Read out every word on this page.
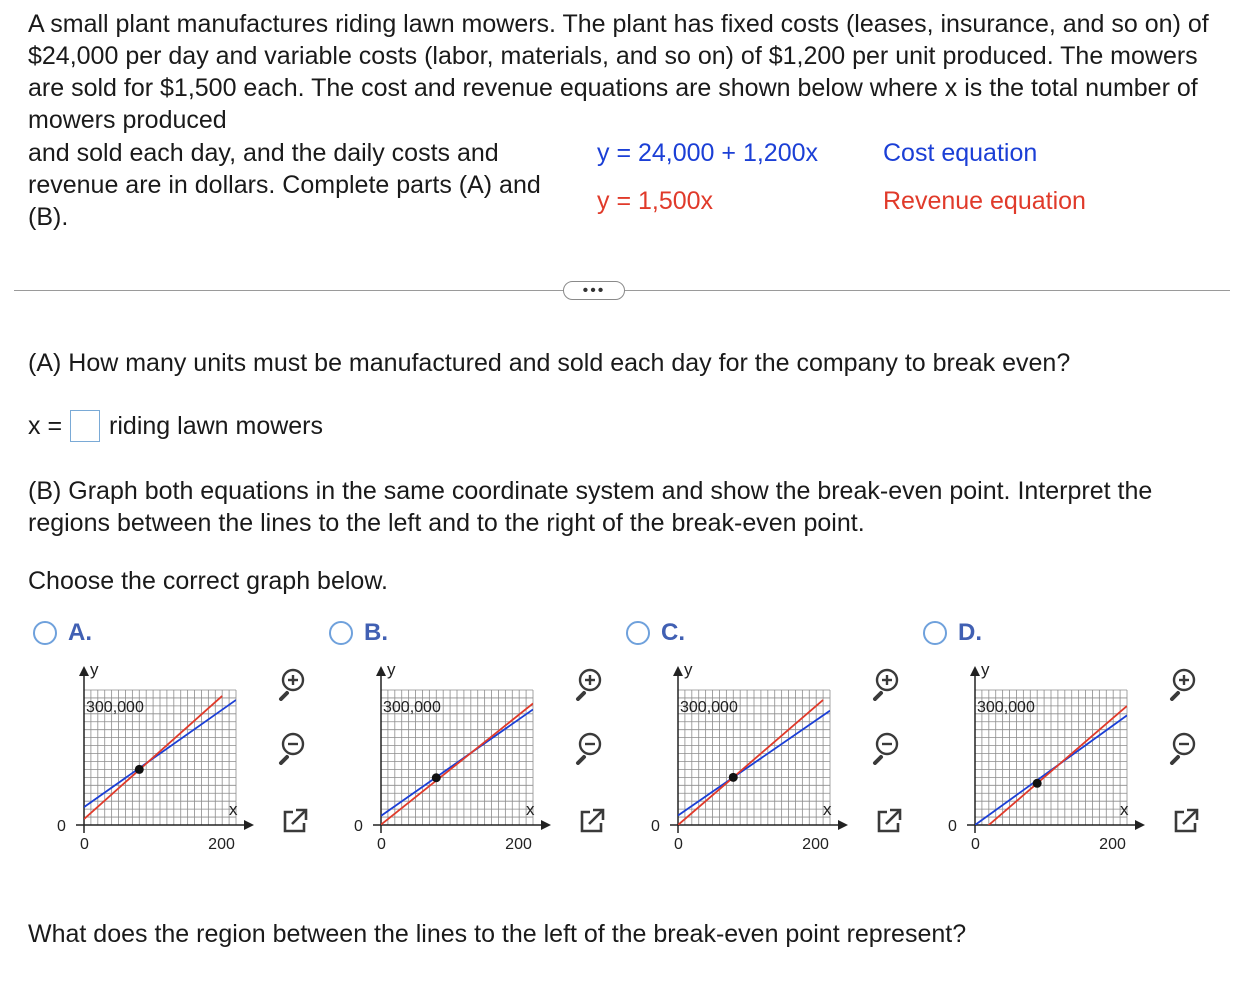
A small plant manufactures riding lawn mowers. The plant has fixed costs (leases, insurance, and so on) of $24,000 per day and variable costs (labor, materials, and so on) of $1,200 per unit produced. The mowers are sold for $1,500 each. The cost and revenue equations are shown below where x is the total number of mowers produced
and sold each day, and the daily costs and revenue are in dollars. Complete parts (A) and (B).
y = 24,000 + 1,200x	Cost equation
y = 1,500x	Revenue equation
•••
(A) How many units must be manufactured and sold each day for the company to break even?
x = riding lawn mowers
(B) Graph both equations in the same coordinate system and show the break-even point. Interpret the regions between the lines to the left and to the right of the break-even point.
Choose the correct graph below.
A.	B.	C.	D.
y
x
300,000
0
0	200
y
x
300,000
0
0	200
y
x
300,000
0
0	200
y
x
300,000
0
0	200
What does the region between the lines to the left of the break-even point represent?
